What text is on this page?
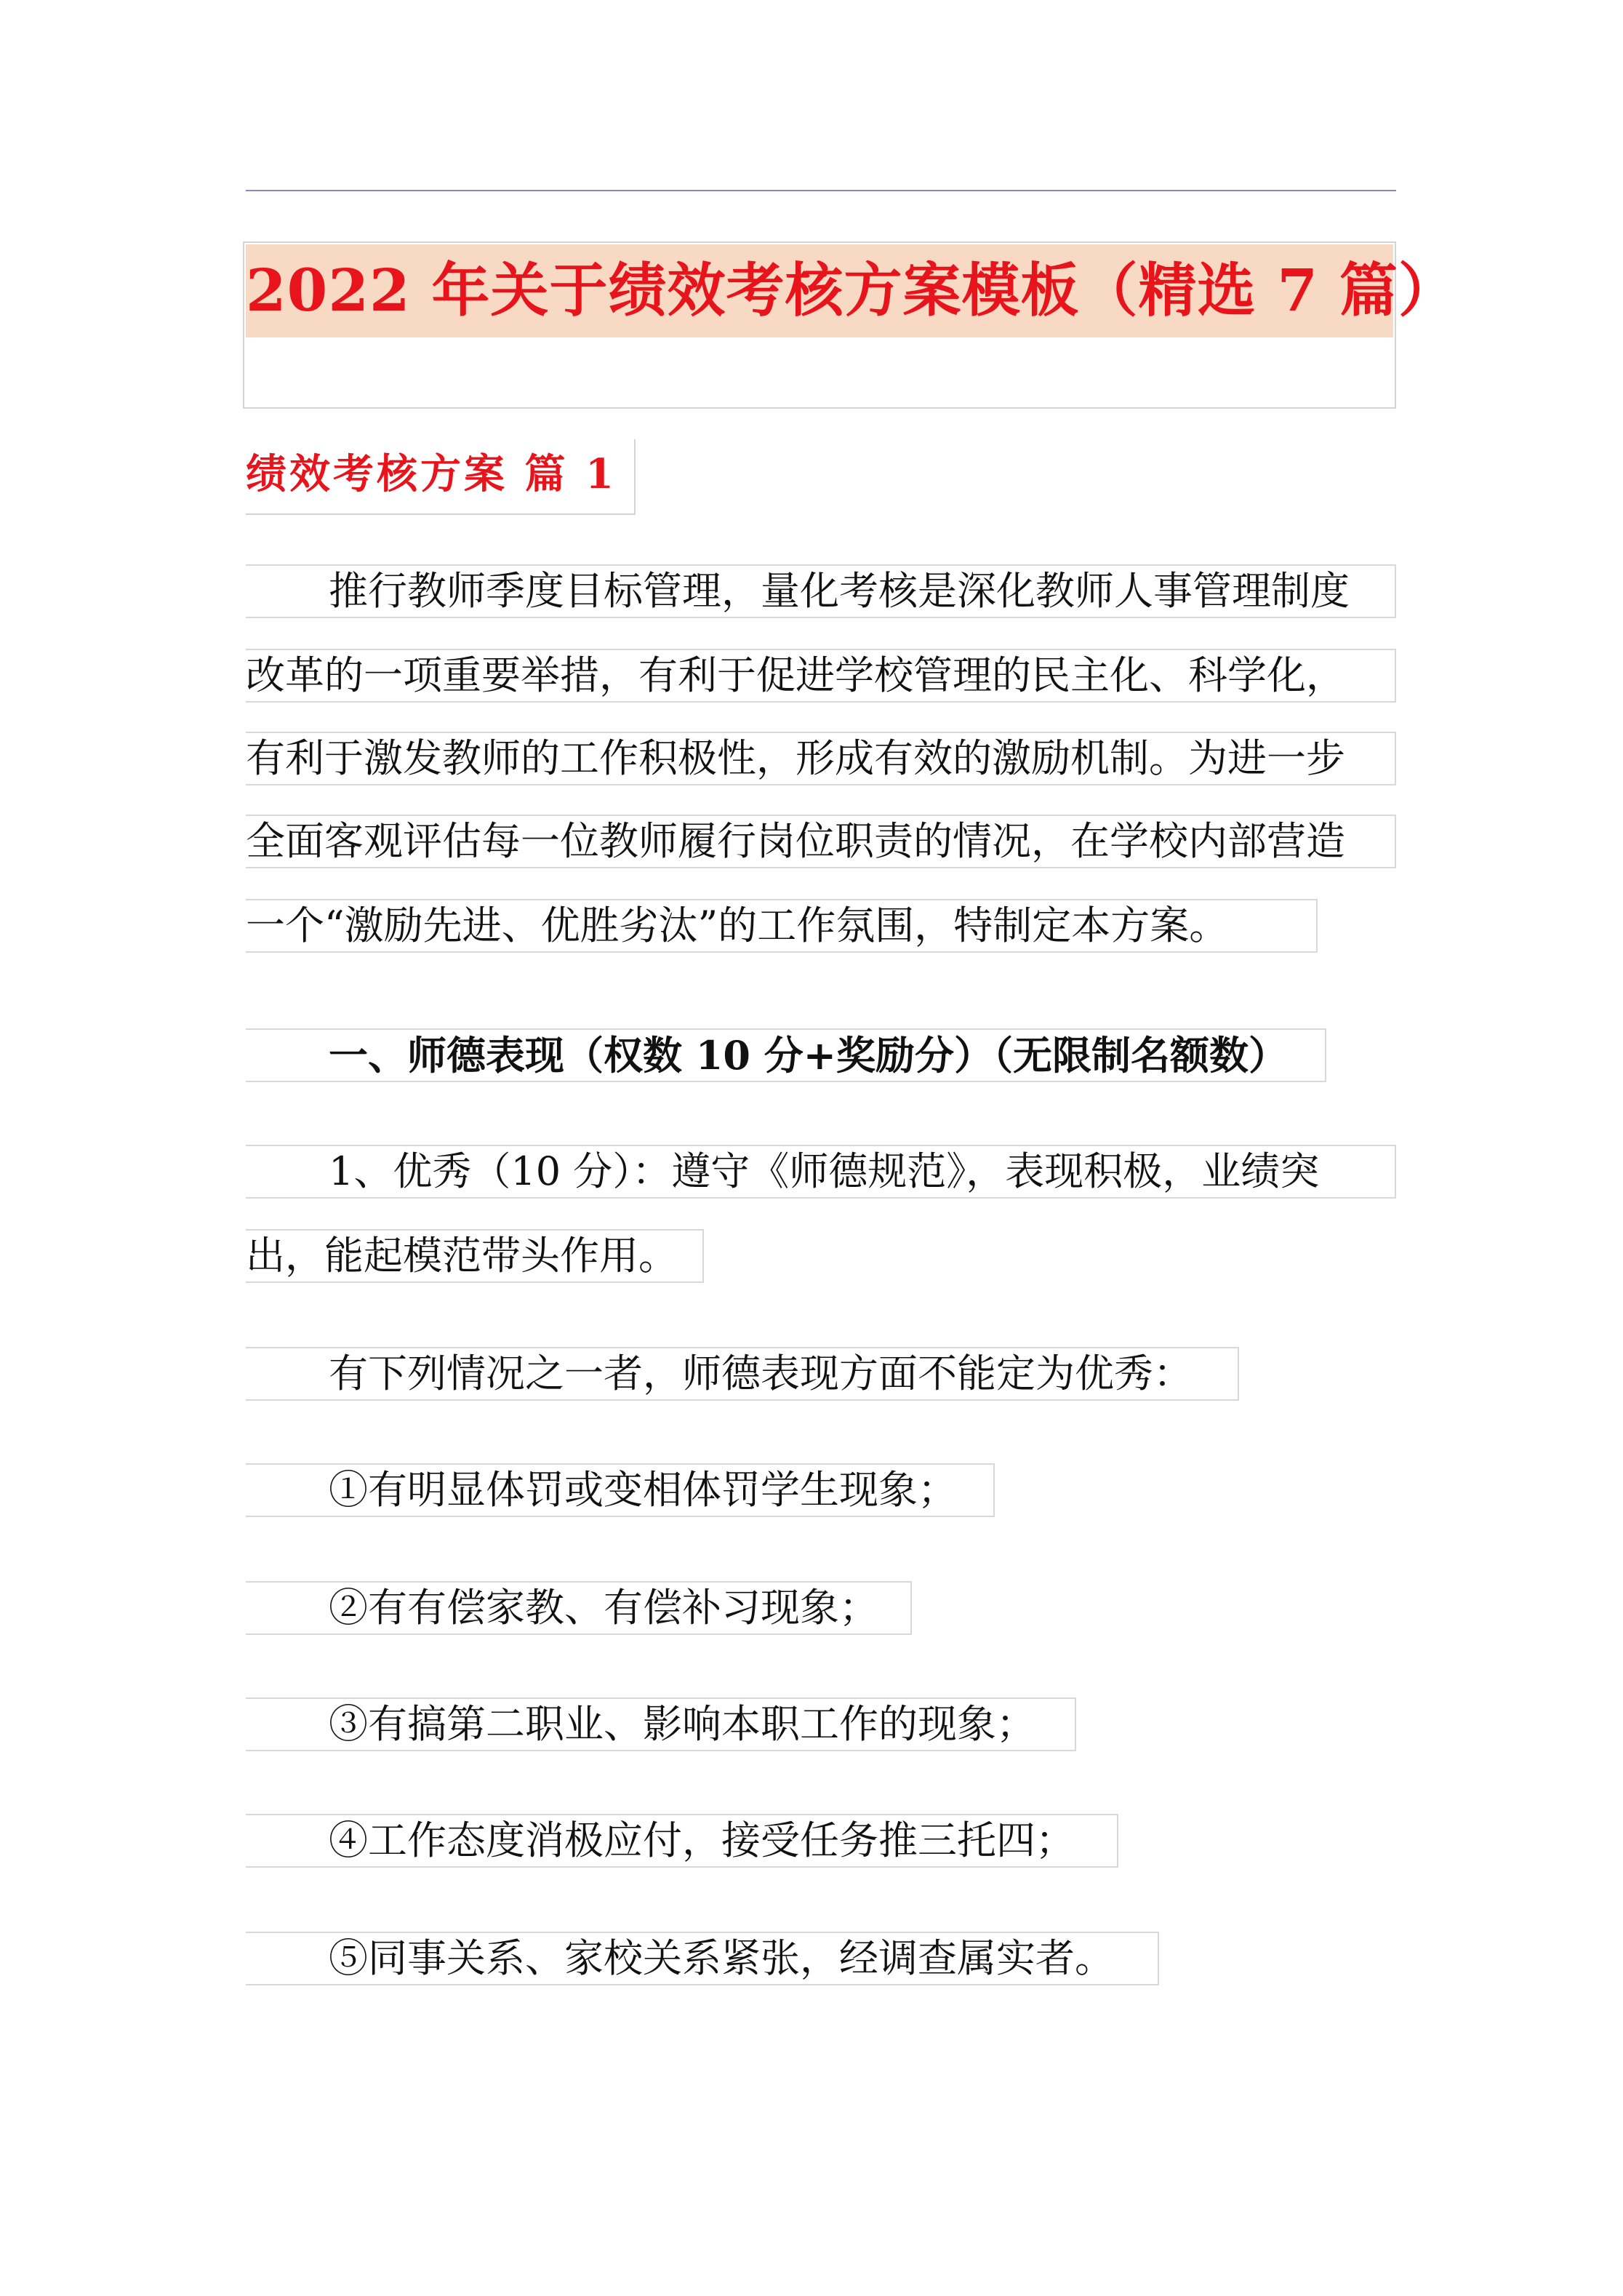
2022 年关于绩效考核方案模板（精选 7 篇）
绩效考核方案 篇 1
推行教师季度目标管理，量化考核是深化教师人事管理制度
改革的一项重要举措，有利于促进学校管理的民主化、科学化，
有利于激发教师的工作积极性，形成有效的激励机制。为进一步
全面客观评估每一位教师履行岗位职责的情况，在学校内部营造
一个“激励先进、优胜劣汰”的工作氛围，特制定本方案。
一、师德表现（权数 10 分+奖励分）（无限制名额数）
1、优秀（10 分）：遵守《师德规范》，表现积极，业绩突
出，能起模范带头作用。
有下列情况之一者，师德表现方面不能定为优秀：
①有明显体罚或变相体罚学生现象；
②有有偿家教、有偿补习现象；
③有搞第二职业、影响本职工作的现象；
④工作态度消极应付，接受任务推三托四；
⑤同事关系、家校关系紧张，经调查属实者。
